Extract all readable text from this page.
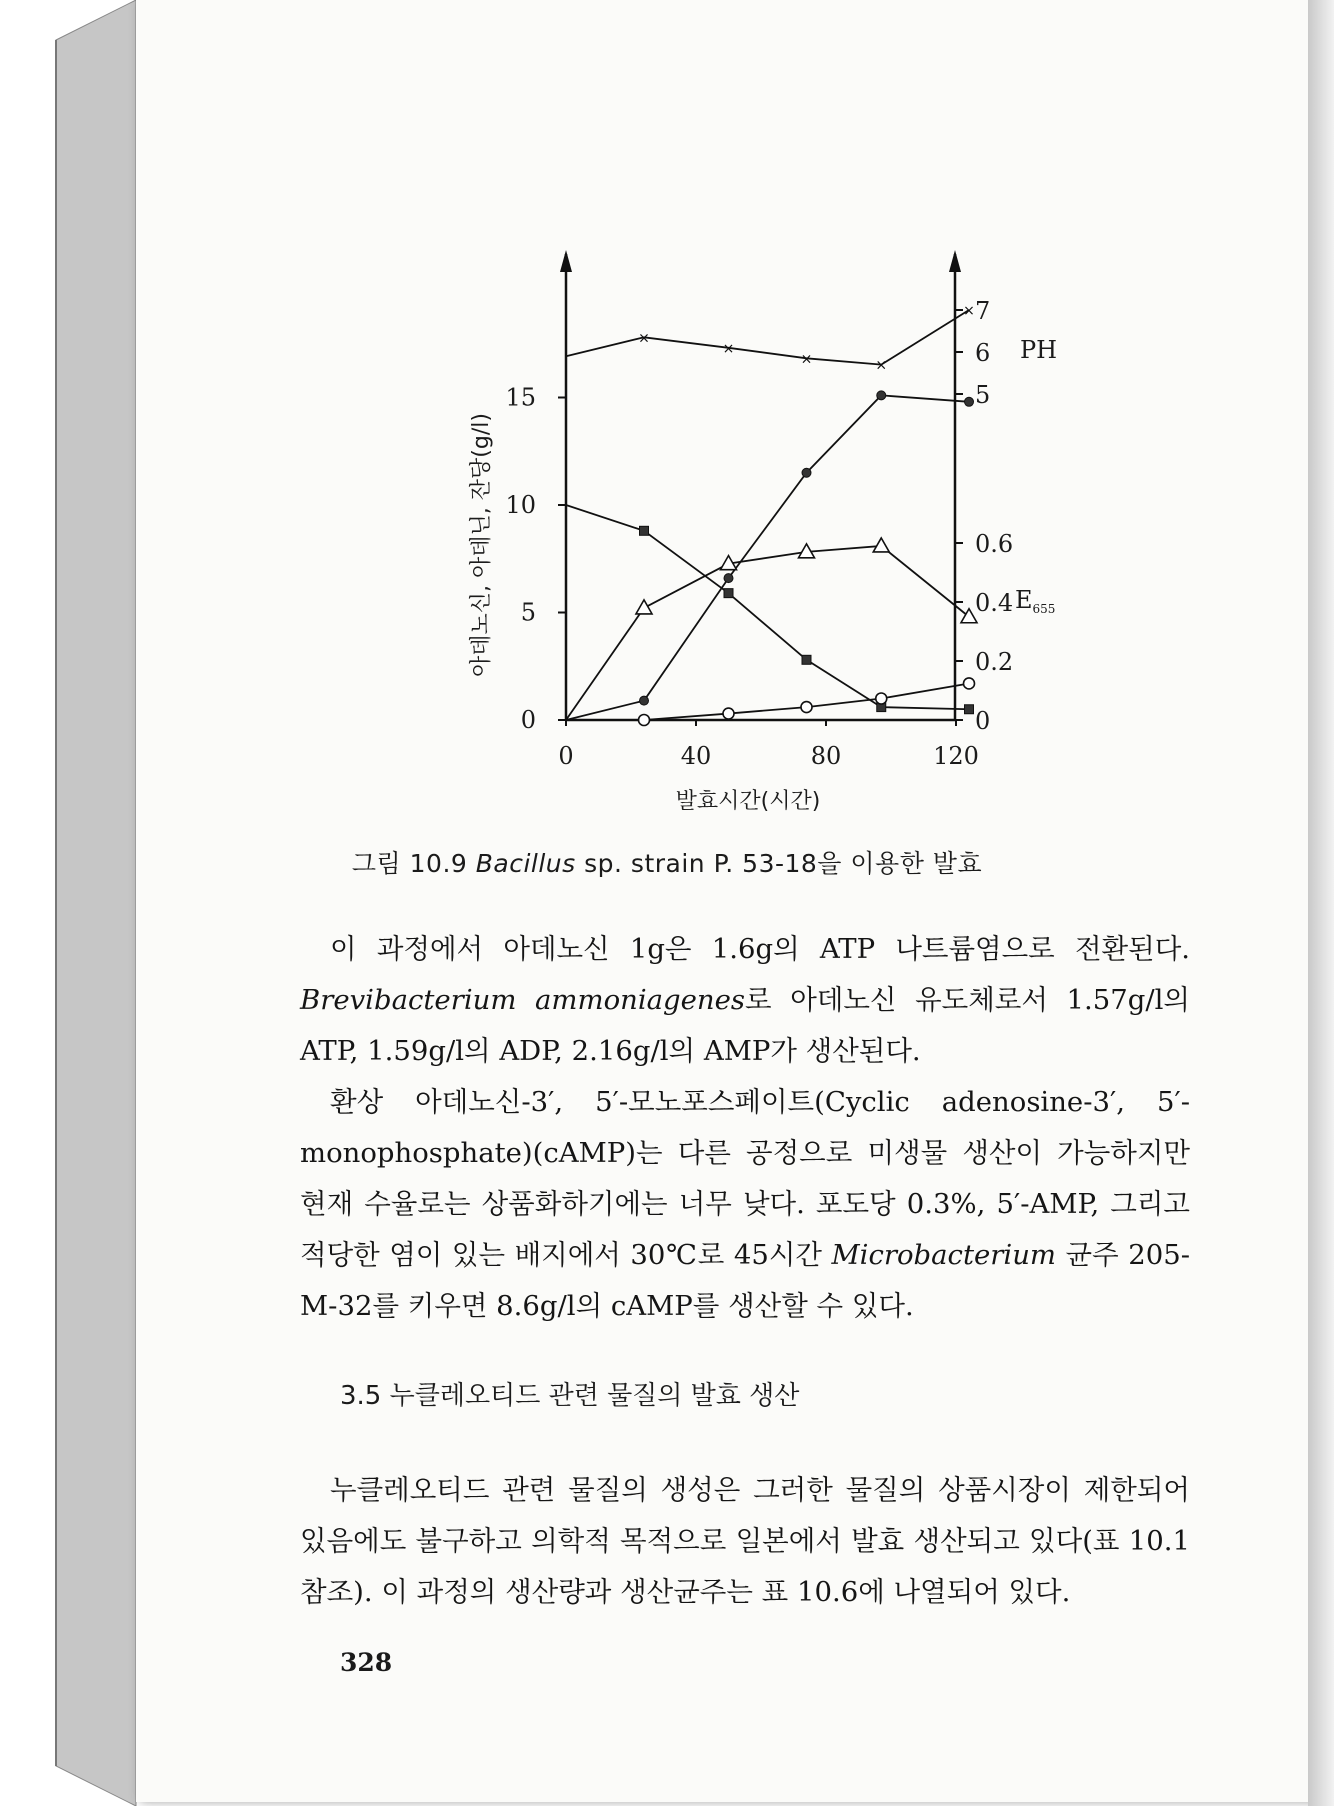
0	40	80	120
0
5
10
15	5
6
7
0
0.2
0.4
0.6
×
×
×	×
×
아데노신, 아데닌, 잔당(g/l)
발효시간(시간)
PH
$E_{655}$
그림 10.9 Bacillus sp. strain P. 53-18을 이용한 발효
이 과정에서 아데노신 1g은 1.6g의 ATP 나트륨염으로 전환된다. Brevibacterium ammoniagenes로 아데노신 유도체로서 1.57g/l의 ATP, 1.59g/l의 ADP, 2.16g/l의 AMP가 생산된다.
환상 아데노신-3′, 5′-모노포스페이트(Cyclic adenosine-3′, 5′-monophosphate)(cAMP)는 다른 공정으로 미생물 생산이 가능하지만 현재 수율로는 상품화하기에는 너무 낮다. 포도당 0.3%, 5′-AMP, 그리고 적당한 염이 있는 배지에서 30℃로 45시간 Microbacterium 균주 205-M-32를 키우면 8.6g/l의 cAMP를 생산할 수 있다.
3.5 누클레오티드 관련 물질의 발효 생산
누클레오티드 관련 물질의 생성은 그러한 물질의 상품시장이 제한되어 있음에도 불구하고 의학적 목적으로 일본에서 발효 생산되고 있다(표 10.1 참조). 이 과정의 생산량과 생산균주는 표 10.6에 나열되어 있다.
328
